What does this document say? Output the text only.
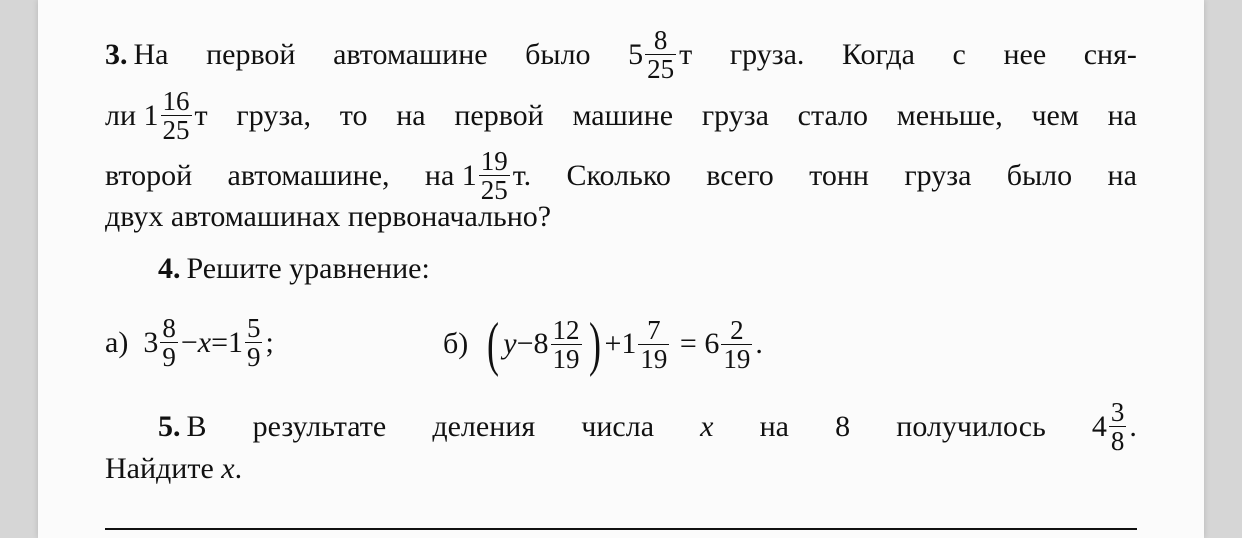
3. На первой автомашине было $5 \frac{8}{25}$ т груза. Когда с нее сня-
ли
$1 \frac{16}{25}$ т груза, то на первой машине груза стало меньше, чем на
второй автомашине, на
$1 \frac{19}{25} т$. Сколько всего тонн груза было на
двух автомашинах первоначально?
4. Решите уравнение:
а)
$3 \frac{8}{9} - x = 1 \frac{5}{9}$ ;	б)
( $y - 8 \frac{12}{19}$ ) + $1 \frac{7}{19}$
=
$6 \frac{2}{19}$ .
5. В результате деления числа x на 8 получилось $4 \frac{3}{8}$ .
Найдите x.
